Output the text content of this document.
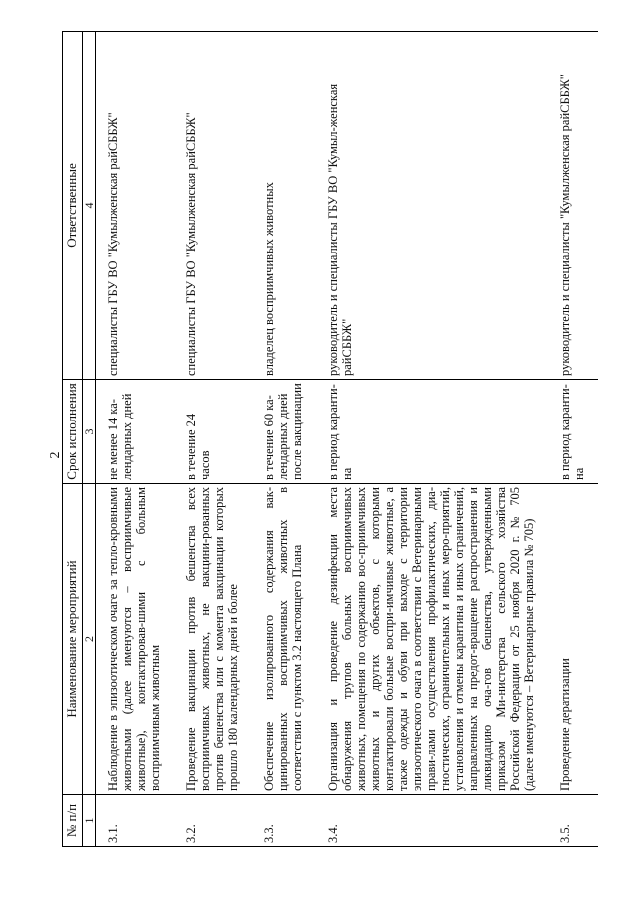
2
№ п/п	Наименование мероприятий	Срок исполнения	Ответственные
1	2	3	4
3.1.	Наблюдение в эпизоотическом очаге за тепло-кровными животными (далее именуются – восприимчивые животные), контактировав-шими с больным восприимчивым животным	не менее 14 ка-лендарных дней	специалисты ГБУ ВО "Кумылженская райСББЖ"
3.2.	Проведение вакцинации против бешенства всех восприимчивых животных, не вакцини-рованных против бешенства или с момента вакцинации которых прошло 180 календарных дней и более	в течение 24 часов	специалисты ГБУ ВО "Кумылженская райСББЖ"
3.3.	Обеспечение изолированного содержания вак-цинированных восприимчивых животных в соответствии с пунктом 3.2 настоящего Плана	в течение 60 ка-лендарных дней после вакцинации	владелец восприимчивых животных
3.4.	Организация и проведение дезинфекции места обнаружения трупов больных восприимчивых животных, помещения по содержанию вос-приимчивых животных и других объектов, с которыми контактировали больные воспри-имчивые животные, а также одежды и обуви при выходе с территории эпизоотического очага в соответствии с Ветеринарными прави-лами осуществления профилактических, диа-гностических, ограничительных и иных меро-приятий, установления и отмены карантина и иных ограничений, направленных на предот-вращение распространения и ликвидацию оча-гов бешенства, утвержденными приказом Ми-нистерства сельского хозяйства Российской Федерации от 25 ноября 2020 г. № 705 (далее именуются – Ветеринарные правила № 705)	в период каранти-на	руководитель и специалисты ГБУ ВО "Кумыл-женская райСББЖ"
3.5.	Проведение дератизации	в период каранти-на	руководитель и специалисты "Кумылженская райСББЖ"
